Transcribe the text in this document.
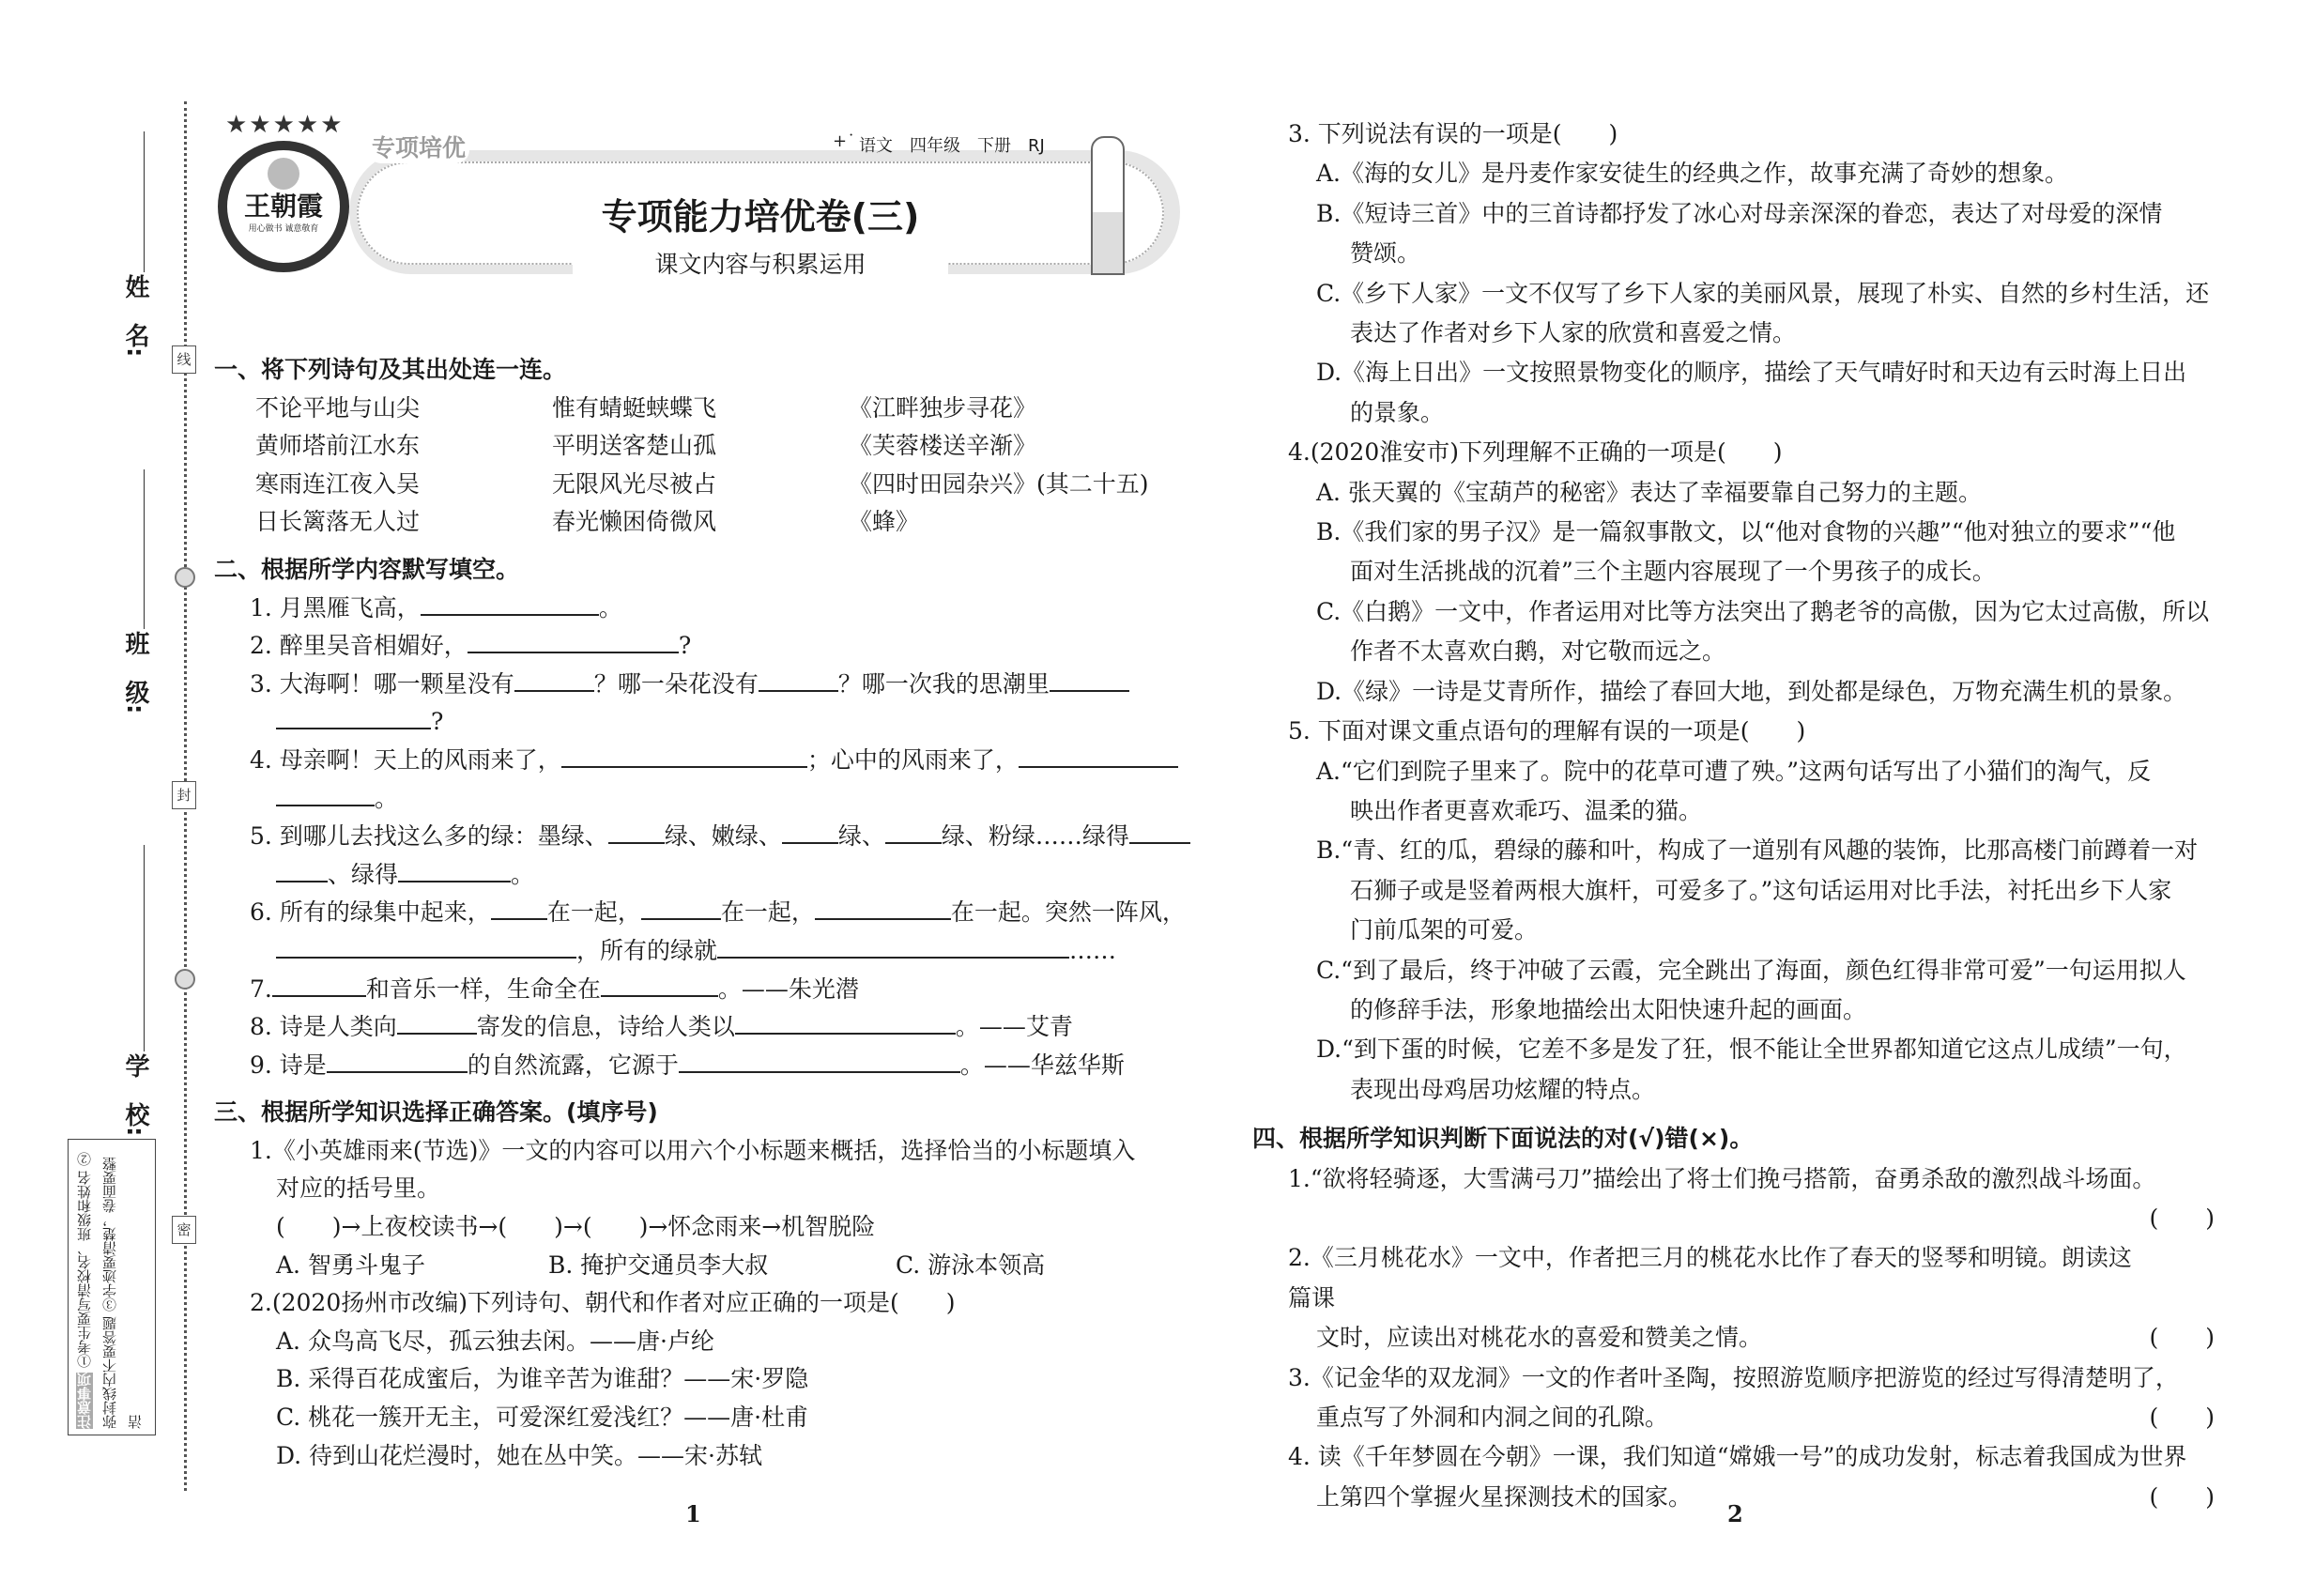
姓　名:
班　级:
学　校:
线
封
密
注意事项 ①考生要写清校名、班级和姓名 ②弥封线内不要答题 ③字迹要清楚，卷面要整洁
王朝霞
用心做书 诚意敬育
★★★★★
专项培优	+˙ 语文　四年级　下册　RJ
专项能力培优卷(三)
课文内容与积累运用
一、将下列诗句及其出处连一连。
不论平地与山尖	惟有蜻蜓蛱蝶飞	《江畔独步寻花》
黄师塔前江水东	平明送客楚山孤	《芙蓉楼送辛渐》
寒雨连江夜入吴	无限风光尽被占	《四时田园杂兴》(其二十五)
日长篱落无人过	春光懒困倚微风	《蜂》
二、根据所学内容默写填空。
1. 月黑雁飞高，	。
2. 醉里吴音相媚好，	?
3. 大海啊！哪一颗星没有	？哪一朵花没有	？哪一次我的思潮里
?
4. 母亲啊！天上的风雨来了，	；心中的风雨来了，
。
5. 到哪儿去找这么多的绿：墨绿、 绿、嫩绿、 绿、 绿、粉绿……绿得
、绿得	。
6. 所有的绿集中起来， 在一起，	在一起，	在一起。突然一阵风，
，所有的绿就	……
7.	和音乐一样，生命全在	。——朱光潜
8. 诗是人类向	寄发的信息，诗给人类以	。——艾青
9. 诗是	的自然流露，它源于	。——华兹华斯
三、根据所学知识选择正确答案。(填序号)
1.《小英雄雨来(节选)》一文的内容可以用六个小标题来概括，选择恰当的小标题填入
对应的括号里。
(　　)→上夜校读书→(　　)→(　　)→怀念雨来→机智脱险
A. 智勇斗鬼子	B. 掩护交通员李大叔	C. 游泳本领高
2.(2020扬州市改编)下列诗句、朝代和作者对应正确的一项是(　　)
A. 众鸟高飞尽，孤云独去闲。——唐·卢纶
B. 采得百花成蜜后，为谁辛苦为谁甜？——宋·罗隐
C. 桃花一簇开无主，可爱深红爱浅红？——唐·杜甫
D. 待到山花烂漫时，她在丛中笑。——宋·苏轼
3. 下列说法有误的一项是(　　)
A.《海的女儿》是丹麦作家安徒生的经典之作，故事充满了奇妙的想象。
B.《短诗三首》中的三首诗都抒发了冰心对母亲深深的眷恋，表达了对母爱的深情
赞颂。
C.《乡下人家》一文不仅写了乡下人家的美丽风景，展现了朴实、自然的乡村生活，还
表达了作者对乡下人家的欣赏和喜爱之情。
D.《海上日出》一文按照景物变化的顺序，描绘了天气晴好时和天边有云时海上日出
的景象。
4.(2020淮安市)下列理解不正确的一项是(　　)
A. 张天翼的《宝葫芦的秘密》表达了幸福要靠自己努力的主题。
B.《我们家的男子汉》是一篇叙事散文，以“他对食物的兴趣”“他对独立的要求”“他
面对生活挑战的沉着”三个主题内容展现了一个男孩子的成长。
C.《白鹅》一文中，作者运用对比等方法突出了鹅老爷的高傲，因为它太过高傲，所以
作者不太喜欢白鹅，对它敬而远之。
D.《绿》一诗是艾青所作，描绘了春回大地，到处都是绿色，万物充满生机的景象。
5. 下面对课文重点语句的理解有误的一项是(　　)
A.“它们到院子里来了。院中的花草可遭了殃。”这两句话写出了小猫们的淘气，反
映出作者更喜欢乖巧、温柔的猫。
B.“青、红的瓜，碧绿的藤和叶，构成了一道别有风趣的装饰，比那高楼门前蹲着一对
石狮子或是竖着两根大旗杆，可爱多了。”这句话运用对比手法，衬托出乡下人家
门前瓜架的可爱。
C.“到了最后，终于冲破了云霞，完全跳出了海面，颜色红得非常可爱”一句运用拟人
的修辞手法，形象地描绘出太阳快速升起的画面。
D.“到下蛋的时候，它差不多是发了狂，恨不能让全世界都知道它这点儿成绩”一句，
表现出母鸡居功炫耀的特点。
四、根据所学知识判断下面说法的对(√)错(×)。
1.“欲将轻骑逐，大雪满弓刀”描绘出了将士们挽弓搭箭，奋勇杀敌的激烈战斗场面。
(　　)
2.《三月桃花水》一文中，作者把三月的桃花水比作了春天的竖琴和明镜。朗读这篇课
文时，应读出对桃花水的喜爱和赞美之情。	(　　)
3.《记金华的双龙洞》一文的作者叶圣陶，按照游览顺序把游览的经过写得清楚明了，
重点写了外洞和内洞之间的孔隙。	(　　)
4. 读《千年梦圆在今朝》一课，我们知道“嫦娥一号”的成功发射，标志着我国成为世界
上第四个掌握火星探测技术的国家。	(　　)
1	2
